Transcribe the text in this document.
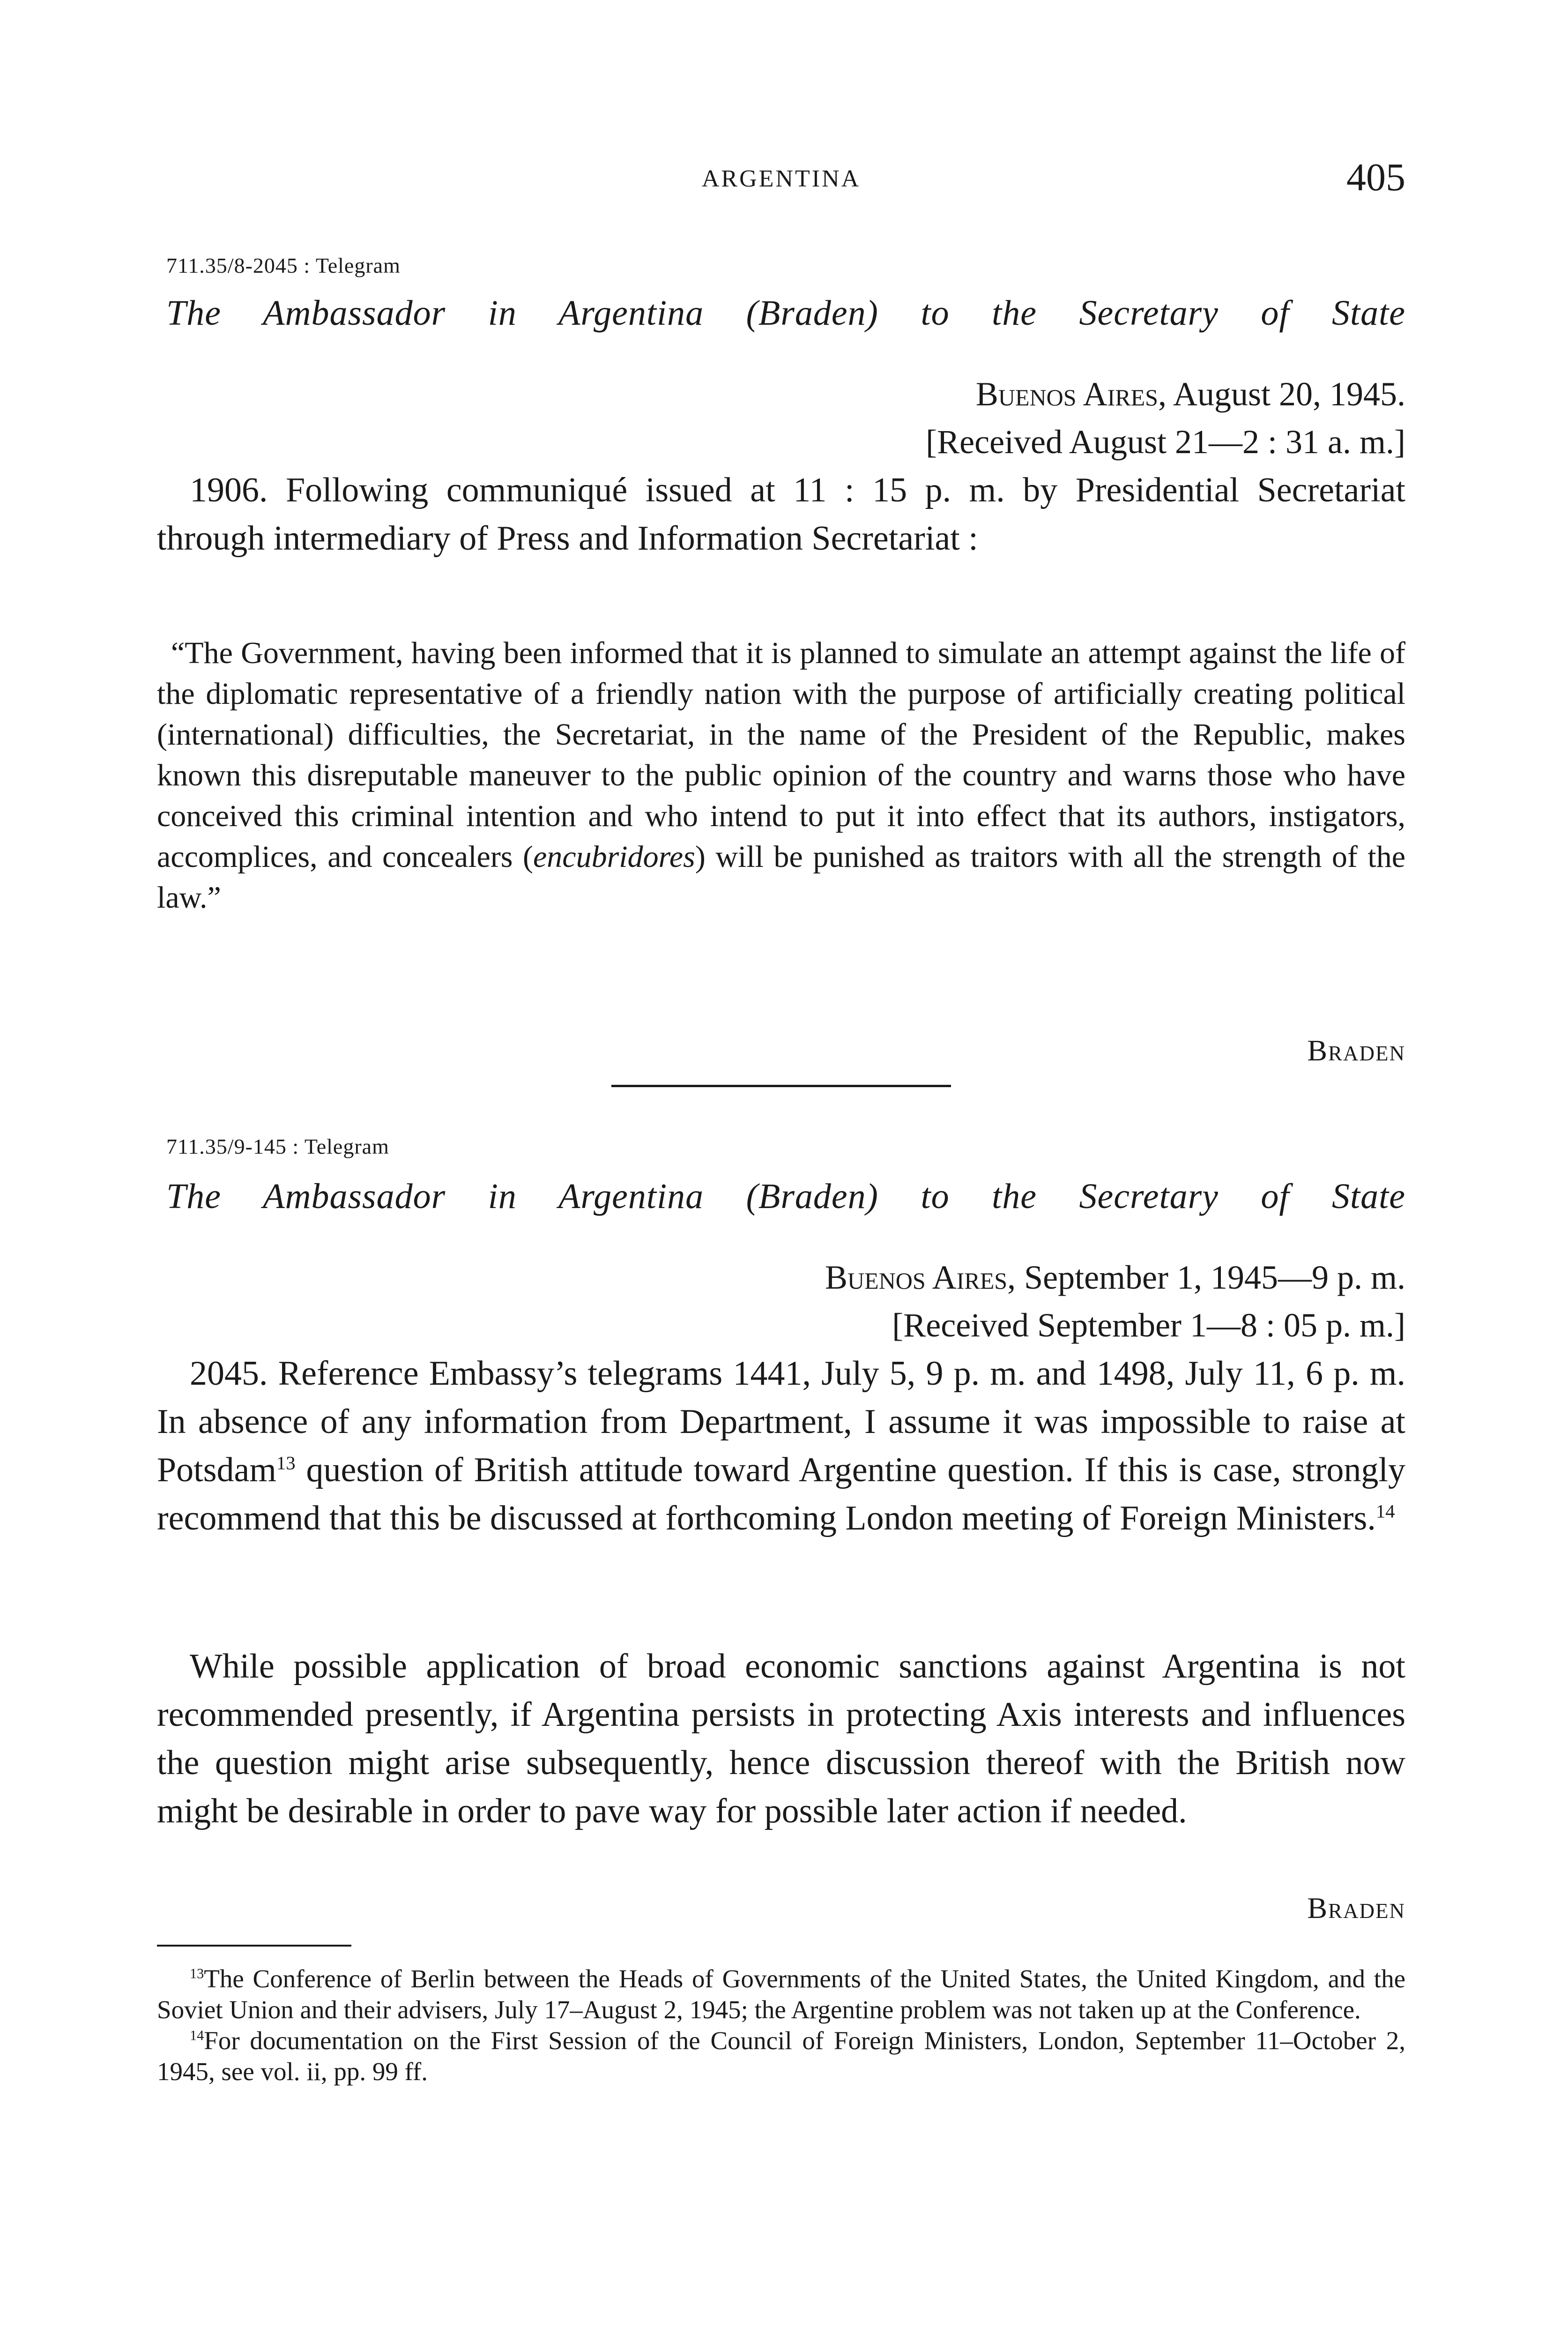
ARGENTINA	405
711.35/8-2045 : Telegram
The Ambassador in Argentina (Braden) to the Secretary of State
Buenos Aires, August 20, 1945.
[Received August 21—2 : 31 a. m.]
1906. Following communiqué issued at 11 : 15 p. m. by Presidential Secretariat through intermediary of Press and Information Secretariat :
“The Government, having been informed that it is planned to simulate an attempt against the life of the diplomatic representative of a friendly nation with the purpose of artificially creating political (international) difficulties, the Secretariat, in the name of the President of the Republic, makes known this disreputable maneuver to the public opinion of the country and warns those who have conceived this criminal intention and who intend to put it into effect that its authors, instigators, accomplices, and concealers (encubridores) will be punished as traitors with all the strength of the law.”
Braden
711.35/9-145 : Telegram
The Ambassador in Argentina (Braden) to the Secretary of State
Buenos Aires, September 1, 1945—9 p. m.
[Received September 1—8 : 05 p. m.]
2045. Reference Embassy’s telegrams 1441, July 5, 9 p. m. and 1498, July 11, 6 p. m. In absence of any information from Department, I assume it was impossible to raise at Potsdam$^{13}$ question of British attitude toward Argentine question. If this is case, strongly recommend that this be discussed at forthcoming London meeting of Foreign Ministers.$^{14}$
While possible application of broad economic sanctions against Argentina is not recommended presently, if Argentina persists in protecting Axis interests and influences the question might arise subsequently, hence discussion thereof with the British now might be desirable in order to pave way for possible later action if needed.
Braden
$^{13}$The Conference of Berlin between the Heads of Governments of the United States, the United Kingdom, and the Soviet Union and their advisers, July 17–August 2, 1945; the Argentine problem was not taken up at the Conference.
$^{14}$For documentation on the First Session of the Council of Foreign Ministers, London, September 11–October 2, 1945, see vol. ii, pp. 99 ff.
